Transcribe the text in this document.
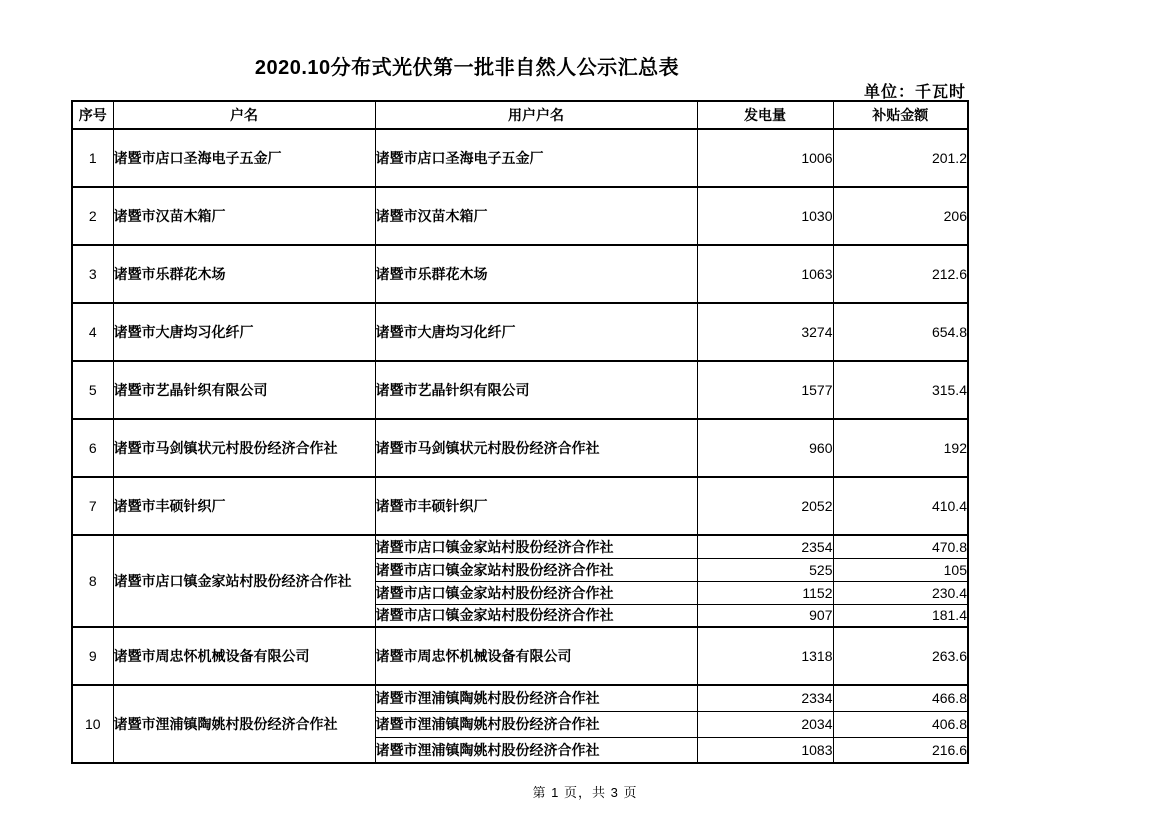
2020.10分布式光伏第一批非自然人公示汇总表
单位：千瓦时
序号	户名	用户户名	发电量	补贴金额
1	诸暨市店口圣海电子五金厂	诸暨市店口圣海电子五金厂	1006	201.2
2	诸暨市汉苗木箱厂	诸暨市汉苗木箱厂	1030	206
3	诸暨市乐群花木场	诸暨市乐群花木场	1063	212.6
4	诸暨市大唐均习化纤厂	诸暨市大唐均习化纤厂	3274	654.8
5	诸暨市艺晶针织有限公司	诸暨市艺晶针织有限公司	1577	315.4
6	诸暨市马剑镇状元村股份经济合作社	诸暨市马剑镇状元村股份经济合作社	960	192
7	诸暨市丰硕针织厂	诸暨市丰硕针织厂	2052	410.4
8	诸暨市店口镇金家站村股份经济合作社	诸暨市店口镇金家站村股份经济合作社	2354	470.8
		诸暨市店口镇金家站村股份经济合作社	525	105
		诸暨市店口镇金家站村股份经济合作社	1152	230.4
		诸暨市店口镇金家站村股份经济合作社	907	181.4
9	诸暨市周忠怀机械设备有限公司	诸暨市周忠怀机械设备有限公司	1318	263.6
10	诸暨市浬浦镇陶姚村股份经济合作社	诸暨市浬浦镇陶姚村股份经济合作社	2334	466.8
		诸暨市浬浦镇陶姚村股份经济合作社	2034	406.8
		诸暨市浬浦镇陶姚村股份经济合作社	1083	216.6
第 1 页，共 3 页
